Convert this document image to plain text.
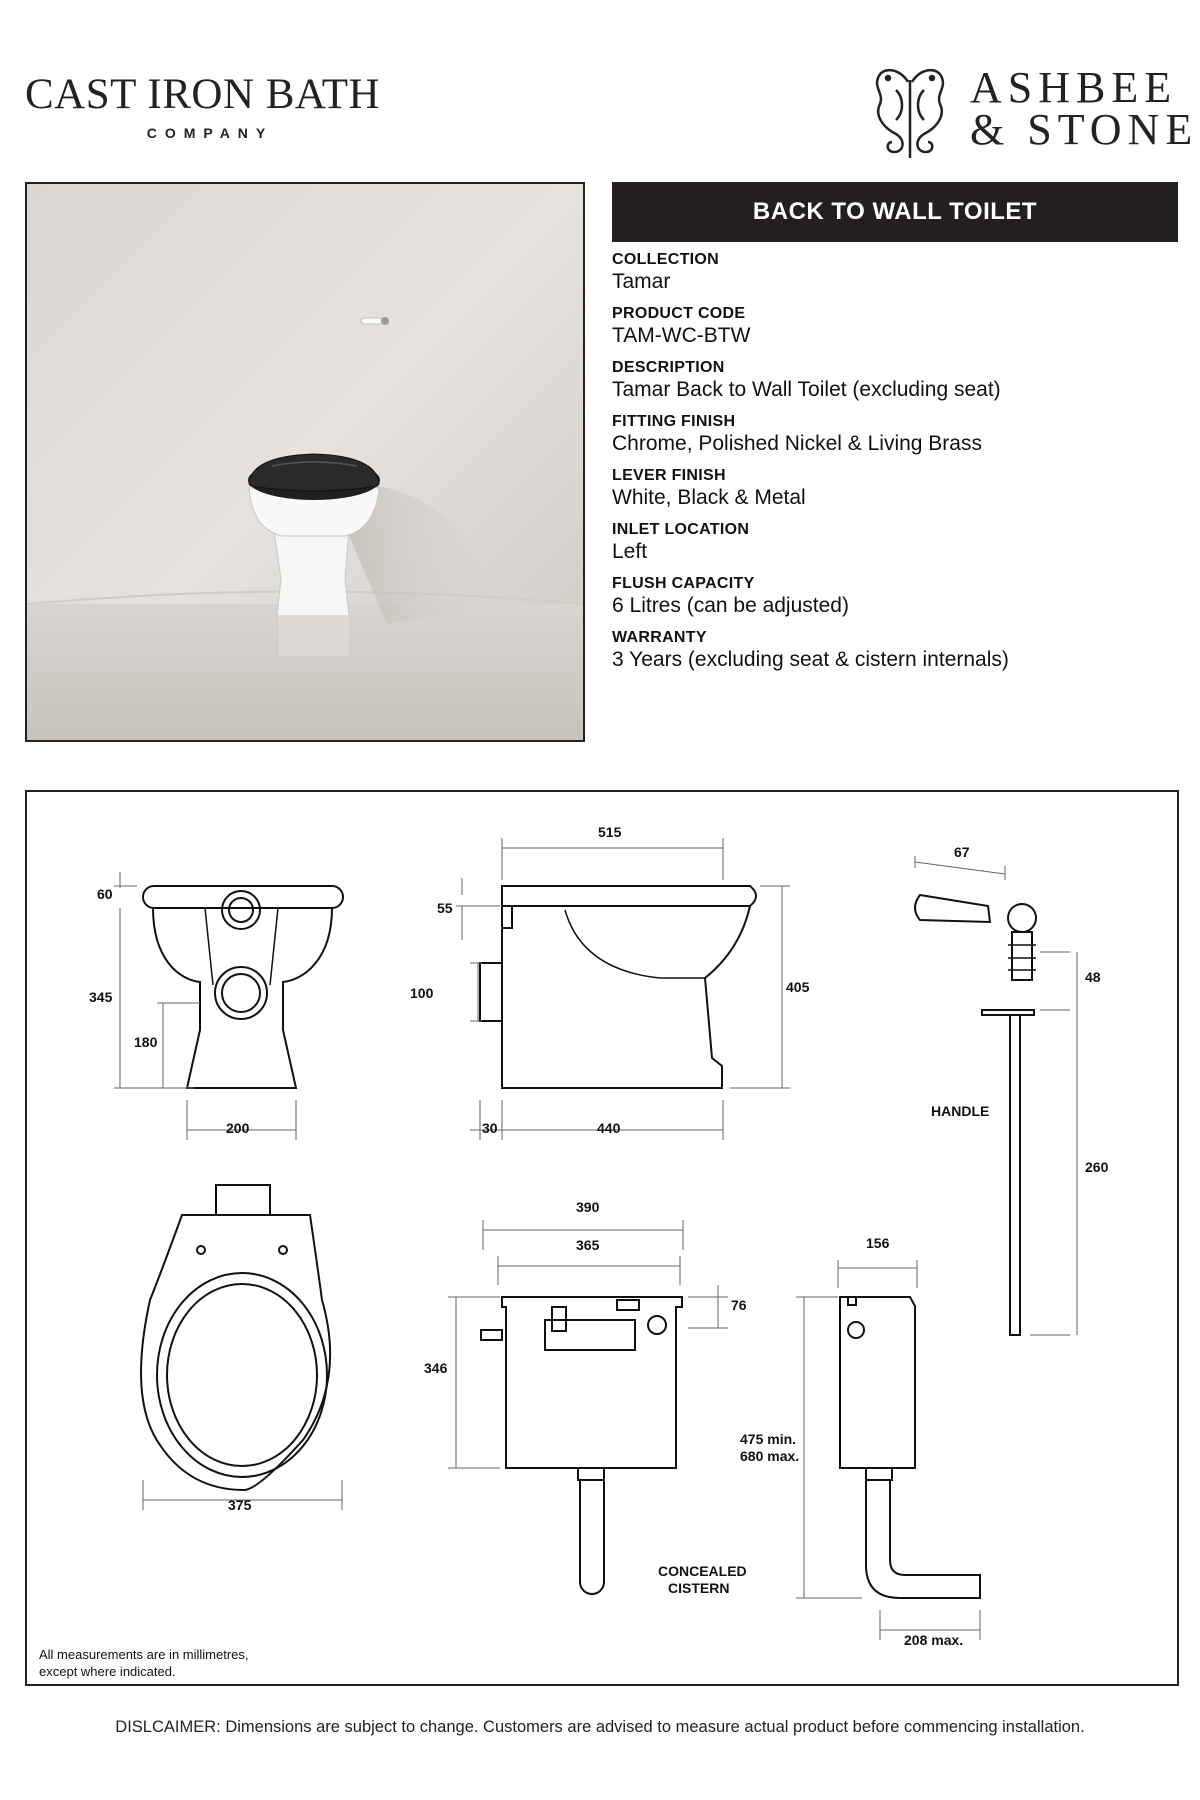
CAST IRON BATH
COMPANY
ASHBEE
& STONE
BACK TO WALL TOILET
COLLECTION
Tamar
PRODUCT CODE
TAM-WC-BTW
DESCRIPTION
Tamar Back to Wall Toilet (excluding seat)
FITTING FINISH
Chrome, Polished Nickel & Living Brass
LEVER FINISH
White, Black & Metal
INLET LOCATION
Left
FLUSH CAPACITY
6 Litres (can be adjusted)
WARRANTY
3 Years (excluding seat & cistern internals)
60
345
180
200
515
55
100	405
30	440
67
48
260
375
390
365
76
346
156
475 min.
680 max.
208 max.
HANDLE
CONCEALED
CISTERN
All measurements are in millimetres,
except where indicated.
DISLCAIMER: Dimensions are subject to change. Customers are advised to measure actual product before commencing installation.
